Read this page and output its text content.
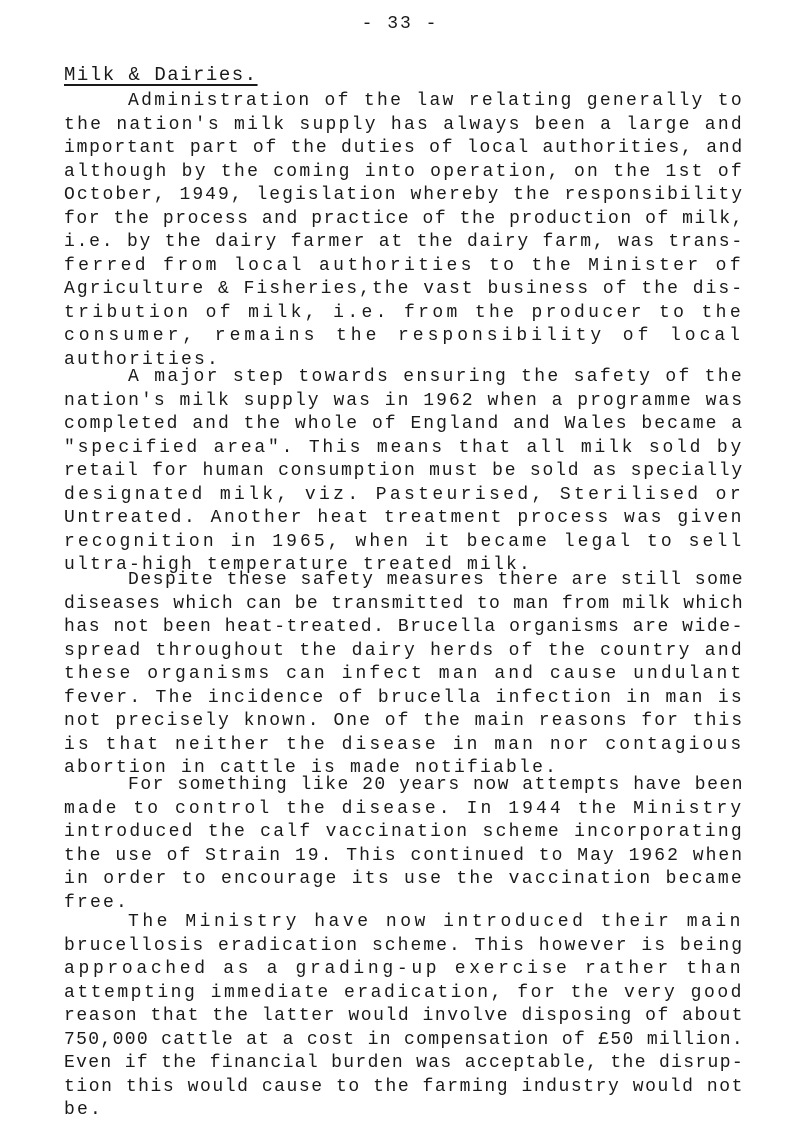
- 33 -
Milk & Dairies.
Administration of the law relating generally to
the nation's milk supply has always been a large and
important part of the duties of local authorities, and
although by the coming into operation, on the 1st of
October, 1949, legislation whereby the responsibility
for the process and practice of the production of milk,
i.e. by the dairy farmer at the dairy farm, was trans-
ferred from local authorities to the Minister of
Agriculture & Fisheries,the vast business of the dis-
tribution of milk, i.e. from the producer to the
consumer, remains the responsibility of local
authorities.
A major step towards ensuring the safety of the
nation's milk supply was in 1962 when a programme was
completed and the whole of England and Wales became a
"specified area". This means that all milk sold by
retail for human consumption must be sold as specially
designated milk, viz. Pasteurised, Sterilised or
Untreated. Another heat treatment process was given
recognition in 1965, when it became legal to sell
ultra-high temperature treated milk.
Despite these safety measures there are still some
diseases which can be transmitted to man from milk which
has not been heat-treated. Brucella organisms are wide-
spread throughout the dairy herds of the country and
these organisms can infect man and cause undulant
fever. The incidence of brucella infection in man is
not precisely known. One of the main reasons for this
is that neither the disease in man nor contagious
abortion in cattle is made notifiable.
For something like 20 years now attempts have been
made to control the disease. In 1944 the Ministry
introduced the calf vaccination scheme incorporating
the use of Strain 19. This continued to May 1962 when
in order to encourage its use the vaccination became
free.
The Ministry have now introduced their main
brucellosis eradication scheme. This however is being
approached as a grading-up exercise rather than
attempting immediate eradication, for the very good
reason that the latter would involve disposing of about
750,000 cattle at a cost in compensation of £50 million.
Even if the financial burden was acceptable, the disrup-
tion this would cause to the farming industry would not
be.
